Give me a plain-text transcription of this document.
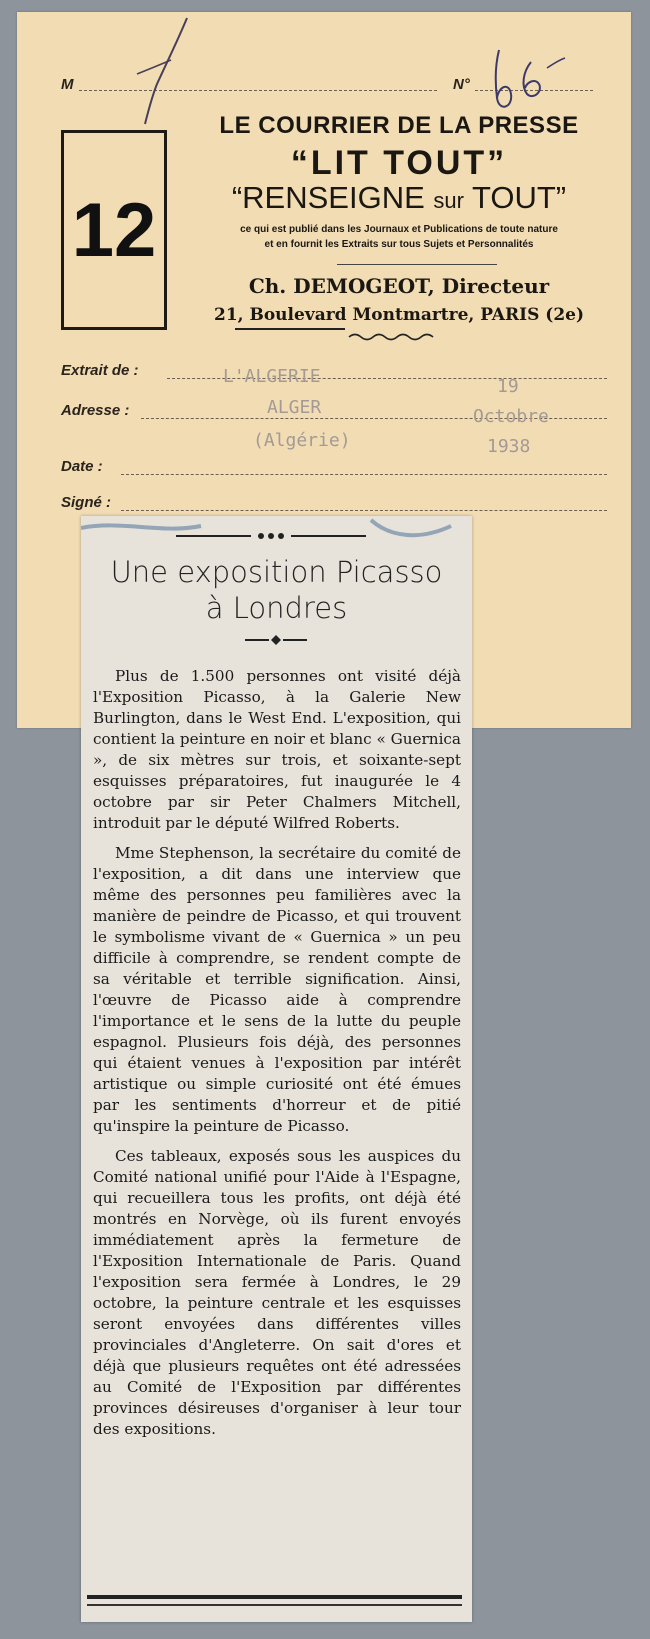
M	N°
12
LE COURRIER DE LA PRESSE
“LIT TOUT”
“RENSEIGNE sur TOUT”
ce qui est publié dans les Journaux et Publications de toute nature
et en fournit les Extraits sur tous Sujets et Personnalités
Ch. DEMOGEOT, Directeur
21, Boulevard Montmartre, PARIS (2e)
Extrait de :
Adresse :
Date :
Signé :
L'ALGERIE
ALGER
(Algérie)
19
Octobre
1938
Une exposition Picasso
à Londres

Plus de 1.500 personnes ont visité déjà l'Exposition Picasso, à la Galerie New Burlington, dans le West End. L'exposition, qui contient la peinture en noir et blanc « Guernica », de six mètres sur trois, et soixante-sept esquisses préparatoires, fut inaugurée le 4 octobre par sir Peter Chalmers Mitchell, introduit par le député Wilfred Roberts.

Mme Stephenson, la secrétaire du comité de l'exposition, a dit dans une interview que même des personnes peu familières avec la manière de peindre de Picasso, et qui trouvent le symbolisme vivant de « Guernica » un peu difficile à comprendre, se rendent compte de sa véritable et terrible signification. Ainsi, l'œuvre de Picasso aide à comprendre l'importance et le sens de la lutte du peuple espagnol. Plusieurs fois déjà, des personnes qui étaient venues à l'exposition par intérêt artistique ou simple curiosité ont été émues par les sentiments d'horreur et de pitié qu'inspire la peinture de Picasso.

Ces tableaux, exposés sous les auspices du Comité national unifié pour l'Aide à l'Espagne, qui recueillera tous les profits, ont déjà été montrés en Norvège, où ils furent envoyés immédiatement après la fermeture de l'Exposition Internationale de Paris. Quand l'exposition sera fermée à Londres, le 29 octobre, la peinture centrale et les esquisses seront envoyées dans différentes villes provinciales d'Angleterre. On sait d'ores et déjà que plusieurs requêtes ont été adressées au Comité de l'Exposition par différentes provinces désireuses d'organiser à leur tour des expositions.
